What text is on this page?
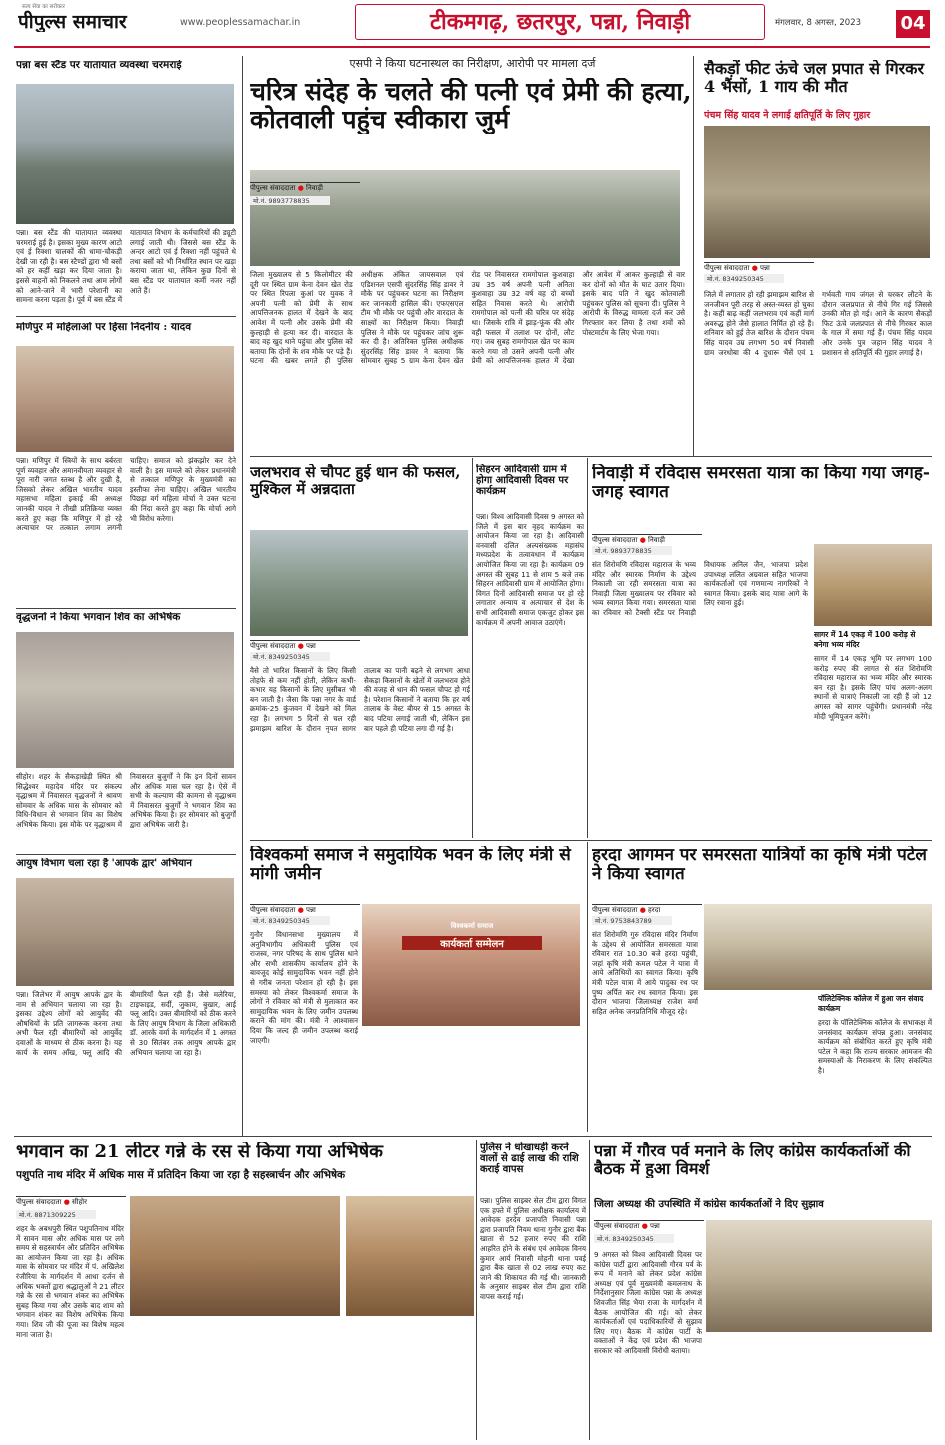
सत्य सेवा का सरोकार
पीपुल्स समाचार	www.peoplessamachar.in	टीकमगढ़, छतरपुर, पन्ना, निवाड़ी	मंगलवार, 8 अगस्त, 2023	04
पन्ना बस स्टैंड पर यातायात व्यवस्था चरमराई
पन्ना। बस स्टैंड की यातायात व्यवस्था चरमराई हुई है। इसका मुख्य कारण आटो एवं ई रिक्शा चालकों की धामा-चौकड़ी देखी जा रही है। बस स्टैण्डों द्वारा भी बसों को हर कहीं खड़ा कर दिया जाता है। इससे वाहनों को निकलने तथा आम लोगों को आने-जाने में भारी परेशानी का सामना करना पड़ता है। पूर्व में बस स्टैंड में यातायात विभाग के कर्मचारियों की ड्यूटी लगाई जाती थी। जिससे बस स्टैंड के अन्दर आटो एवं ई रिक्शा नहीं पहुंचते थे तथा बसों को भी निर्धारित स्थान पर खड़ा कराया जाता था, लेकिन कुछ दिनों से बस स्टैंड पर यातायात कर्मी नजर नहीं आते हैं।
मणिपुर में महिलाओं पर हिंसा निंदनीय : यादव
पन्ना। मणिपुर में स्त्रियों के साथ बर्बरता पूर्ण व्यवहार और अमानवीयता व्यवहार से पूरा नारी जगत स्तब्ध है और दुखी है, जिसको लेकर अखिल भारतीय यादव महासभा महिला इकाई की अध्यक्ष जानकी यादव ने तीखी प्रतिक्रिया व्यक्त करते हुए कहा कि मणिपुर में हो रहे अत्याचार पर तत्काल लगाम लगनी चाहिए। समाज को झंकझोर कर देने वाली है। इस मामले को लेकर प्रधानमंत्री से तत्काल मणिपुर के मुख्यमंत्री का इस्तीफा लेना चाहिए। अखिल भारतीय पिछड़ा वर्ग महिला मोर्चा ने उक्त घटना की निंदा करते हुए कहा कि मोर्चा आगे भी विरोध करेगा।
वृद्धजनों ने किया भगवान शिव का अभिषेक
सीहोर। शहर के सैकड़ाखेड़ी स्थित श्री सिद्धेश्वर महादेव मंदिर पर संकल्प वृद्धाश्रम में निवासरत वृद्धजनों ने श्रावण सोमवार के अधिक मास के सोमवार को विधि-विधान से भगवान शिव का विशेष अभिषेक किया। इस मौके पर वृद्धाश्रम में निवासरत बुजुर्गों ने कि इन दिनों सावन और अधिक मास चल रहा है। ऐसे में सभी के कल्याण की कामना से वृद्धाश्रम में निवासरत बुजुर्गों ने भगवान शिव का अभिषेक किया है। हर सोमवार को बुजुर्गों द्वारा अभिषेक जारी है।
आयुष विभाग चला रहा है 'आपके द्वार' अभियान
पन्ना। जिलेभर में आयुष आपके द्वार के नाम से अभियान चलाया जा रहा है। इसका उद्देश्य लोगों को आयुर्वेद की औषधियों के प्रति जागरूक करना तथा अभी फैल रही बीमारियों को आयुर्वेद दवाओं के माध्यम से ठीक करना है। यह कार्य के समय आँख, फ्लू आदि की बीमारियाँ फैल रही हैं। जैसे मलेरिया, टाइफाइड, सर्दी, जुकाम, बुखार, आई फ्लू आदि। उक्त बीमारियों को ठीक करने के लिए आयुष विभाग के जिला अधिकारी डॉ. आरके वर्मा के मार्गदर्शन में 1 अगस्त से 30 सितंबर तक आयुष आपके द्वार अभियान चलाया जा रहा है।
एसपी ने किया घटनास्थल का निरीक्षण, आरोपी पर मामला दर्ज
चरित्र संदेह के चलते की पत्नी एवं प्रेमी की हत्या, कोतवाली पहुंच स्वीकारा जुर्म
पीपुल्स संवाददाता ● निवाड़ी
मो.नं. 9893778835
जिला मुख्यालय से 5 किलोमीटर की दूरी पर स्थित ग्राम केना देवन खेत रोड पर स्थित रिपला कुआं पर युवक ने अपनी पत्नी को प्रेमी के साथ आपत्तिजनक हालत में देखने के बाद आवेश में पत्नी और उसके प्रेमी की कुल्हाड़ी से हत्या कर दी। वारदात के बाद वह खुद थाने पहुंचा और पुलिस को बताया कि दोनों के शव मौके पर पड़े हैं। घटना की खबर लगते ही पुलिस अधीक्षक अंकित जायसवाल एवं एडिशनल एसपी सुंदरसिंह सिंह डावर ने मौके पर पहुंचकर घटना का निरीक्षण कर जानकारी हासिल की। एफएसएल टीम भी मौके पर पहुंची और वारदात के साक्ष्यों का निरीक्षण किया। निवाड़ी पुलिस ने मौके पर पहुंचकर जांच शुरू कर दी है। अतिरिक्त पुलिस अधीक्षक सुंदरसिंह सिंह डावर ने बताया कि सोमवार सुबह 5 ग्राम केना देवन खेत रोड पर निवासरत रामगोपाल कुशवाहा उम्र 35 वर्ष अपनी पत्नी अनिता कुशवाहा उम्र 32 वर्ष वह दो बच्चों सहित निवास करते थे। आरोपी रामगोपाल को पत्नी की चरित्र पर संदेह था। जिसके रात्रि में झाड़-फूंक की और वही फसल में तलाश पर दोनों, लौट गए। जब सुबह रामगोपाल खेत पर काम करने गया तो उसने अपनी पत्नी और प्रेमी को आपत्तिजनक हालत में देखा और आवेश में आकर कुल्हाड़ी से वार कर दोनों को मौत के घाट उतार दिया। इसके बाद पति ने खुद कोतवाली पहुंचकर पुलिस को सूचना दी। पुलिस ने आरोपी के विरुद्ध मामला दर्ज कर उसे गिरफ्तार कर लिया है तथा शवों को पोस्टमार्टम के लिए भेजा गया।
सैकड़ों फीट ऊंचे जल प्रपात से गिरकर 4 भैंसों, 1 गाय की मौत
पंचम सिंह यादव ने लगाई क्षतिपूर्ति के लिए गुहार
पीपुल्स संवाददाता ● पन्ना
मो.नं. 8349250345
जिले में लगातार हो रही झमाझम बारिश से जनजीवन पूरी तरह से अस्त-व्यस्त हो चुका है। कहीं बाढ़ कहीं जलभराव एवं कहीं मार्ग अवरुद्ध होने जैसे हालात निर्मित हो रहे हैं। शनिवार को हुई तेज बारिश के दौरान पंचम सिंह यादव उम्र लगभग 50 वर्ष निवासी ग्राम जरधोबा की 4 दुधारू भैंसें एवं 1 गर्भवती गाय जंगल से चरकर लौटने के दौरान जलप्रपात से नीचे गिर गई जिससे उनकी मौत हो गई। आने के कारण सैकड़ों फिट ऊंचे जलप्रपात से नीचे गिरकर काल के गाल में समा गई हैं। पंचम सिंह यादव और उनके पुत्र जहान सिंह यादव ने प्रशासन से क्षतिपूर्ति की गुहार लगाई है।
जलभराव से चौपट हुई धान की फसल, मुश्किल में अन्नदाता
पीपुल्स संवाददाता ● पन्ना
मो.नं. 8349250345
वैसे तो भारिश किसानों के लिए किसी तोहफे से कम नहीं होती, लेकिन कभी-कभार यह किसानों के लिए मुसीबत भी बन जाती है। जैसा कि पन्ना नगर के वार्ड क्रमांक-25 कुंजवन में देखने को मिल रहा है। लगभग 5 दिनों से चल रही झमाझम बारिश के दौरान नृपत सागर तालाब का पानी बढ़ने से लगभग आधा सैकड़ा किसानों के खेतों में जलभराव होने की वजह से धान की फसल चौपट हो गई है। परेशान किसानों ने बताया कि हर वर्ष तालाब के वेस्ट बीयर से 15 अगस्त के बाद पटिया लगाई जाती थी, लेकिन इस बार पहले ही पटिया लगा दी गई है।
सिहरन आदिवासी ग्राम में होगा आदिवासी दिवस पर कार्यक्रम
पन्ना। विश्व आदिवासी दिवस 9 अगस्त को जिले में इस बार वृहद कार्यक्रम का आयोजन किया जा रहा है। आदिवासी वनवासी दलित अल्पसंख्यक महासंघ मध्यप्रदेश के तत्वावधान में कार्यक्रम आयोजित किया जा रहा है। कार्यक्रम 09 अगस्त की सुबह 11 से शाम 5 बजे तक सिहरन आदिवासी ग्राम में आयोजित होगा। विगत दिनों आदिवासी समाज पर हो रहे लगातार अन्याय व अत्याचार से देश के सभी आदिवासी समाज एकजुट होकर इस कार्यक्रम में अपनी आवाज उठाएंगे।
निवाड़ी में रविदास समरसता यात्रा का किया गया जगह-जगह स्वागत
पीपुल्स संवाददाता ● निवाड़ी
मो.नं. 9893778835
संत शिरोमणि रविदास महाराज के भव्य मंदिर और स्मारक निर्माण के उद्देश्य निकाली जा रही समरसता यात्रा का निवाड़ी जिला मुख्यालय पर रविवार को भव्य स्वागत किया गया। समरसता यात्रा का रविवार को टैक्सी स्टैंड पर निवाड़ी विधायक अनिल जैन, भाजपा प्रदेश उपाध्यक्ष ललित अग्रवाल सहित भाजपा कार्यकर्ताओं एवं गणमान्य नागरिकों ने स्वागत किया। इसके बाद यात्रा आगे के लिए रवाना हुई।
सागर में 14 एकड़ में 100 करोड़ से बनेगा भव्य मंदिर
सागर में 14 एकड़ भूमि पर लगभग 100 करोड़ रुपए की लागत से संत शिरोमणि रविदास महाराज का भव्य मंदिर और स्मारक बन रहा है। इसके लिए पांच अलग-अलग स्थानों से यात्राएं निकाली जा रही हैं जो 12 अगस्त को सागर पहुंचेंगी। प्रधानमंत्री नरेंद्र मोदी भूमिपूजन करेंगे।
विश्वकर्मा समाज ने समुदायिक भवन के लिए मंत्री से मांगी जमीन
पीपुल्स संवाददाता ● पन्ना
मो.नं. 8349250345
विश्वकर्मा समाज
कार्यकर्ता सम्मेलन
गुनौर विधानसभा मुख्यालय में अनुविभागीय अधिकारी पुलिस एवं राजस्व, नगर परिषद के साथ पुलिस थाने और सभी शासकीय कार्यालय होने के बावजूद कोई सामुदायिक भवन नहीं होने से गरीब जनता परेशान हो रही है। इस समस्या को लेकर विश्वकर्मा समाज के लोगों ने रविवार को मंत्री से मुलाकात कर सामुदायिक भवन के लिए जमीन उपलब्ध कराने की मांग की। मंत्री ने आश्वासन दिया कि जल्द ही जमीन उपलब्ध कराई जाएगी।
हरदा आगमन पर समरसता यात्रियों का कृषि मंत्री पटेल ने किया स्वागत
पीपुल्स संवाददाता ● हरदा
मो.नं. 9753843789
संत शिरोमणि गुरु रविदास मंदिर निर्माण के उद्देश्य से आयोजित समरसता यात्रा रविवार रात 10.30 बजे हरदा पहुंची, जहां कृषि मंत्री कमल पटेल ने यात्रा में आये अतिथियों का स्वागत किया। कृषि मंत्री पटेल यात्रा में आये पादुका रथ पर पुष्प अर्पित कर रथ स्वागत किया। इस दौरान भाजपा जिलाध्यक्ष राजेश वर्मा सहित अनेक जनप्रतिनिधि मौजूद रहे।
पॉलिटेक्निक कॉलेज में हुआ जन संवाद कार्यक्रम
हरदा के पॉलिटेक्निक कॉलेज के सभाकक्ष में जनसंवाद कार्यक्रम संपन्न हुआ। जनसंवाद कार्यक्रम को संबोधित करते हुए कृषि मंत्री पटेल ने कहा कि राज्य सरकार आमजन की समस्याओं के निराकरण के लिए संकल्पित है।
भगवान का 21 लीटर गन्ने के रस से किया गया अभिषेक
पशुपति नाथ मंदिर में अधिक मास में प्रतिदिन किया जा रहा है सहस्त्रार्चन और अभिषेक
पीपुल्स संवाददाता ● सीहोर
मो.नं. 8871309225
शहर के अबधपुरी स्थित पशुपतिनाथ मंदिर में सावन मास और अधिक मास पर लगे समय से सहस्त्रार्चन और प्रतिदिन अभिषेक का आयोजन किया जा रहा है। अधिक मास के सोमवार पर मंदिर में पं. अखिलेश रंजीरिया के मार्गदर्शन में आधा दर्जन से अधिक भक्तों द्वारा श्रद्धालुओं ने 21 लीटर गन्ने के रस से भगवान शंकर का अभिषेक सुबह किया गया और उसके बाद शाम को भगवान शंकर का विशेष अभिषेक किया गया। शिव जी की पूजा का विशेष महत्व माना जाता है।
पुलिस ने धोखाधड़ी करने वालों से ढाई लाख की राशि कराई वापस
पन्ना। पुलिस साइबर सेल टीम द्वारा विगत एक हफ्ते में पुलिस अधीक्षक कार्यालय में आवेदक हरदेव प्रजापति निवासी पन्ना द्वारा प्रजापति नियम थाना गुनौर द्वारा बैंक खाता से 52 हजार रुपए की राशि आहरित होने के संबंध एवं आवेदक विनय कुमार आर्य निवासी मोहनी थाना पवई द्वारा बैंक खाता से 02 लाख रुपए कट जाने की शिकायत की गई थी। जानकारी के अनुसार साइबर सेल टीम द्वारा राशि वापस कराई गई।
पन्ना में गौरव पर्व मनाने के लिए कांग्रेस कार्यकर्ताओं की बैठक में हुआ विमर्श
जिला अध्यक्ष की उपस्थिति में कांग्रेस कार्यकर्ताओं ने दिए सुझाव
पीपुल्स संवाददाता ● पन्ना
मो.नं. 8349250345
9 अगस्त को विश्व आदिवासी दिवस पर कांग्रेस पार्टी द्वारा आदिवासी गौरव पर्व के रूप में मनाने को लेकर प्रदेश कांग्रेस अध्यक्ष एवं पूर्व मुख्यमंत्री कमलनाथ के निर्देशानुसार जिला कांग्रेस पन्ना के अध्यक्ष शिवजीत सिंह भैया राजा के मार्गदर्शन में बैठक आयोजित की गई। को लेकर कार्यकर्ताओं एवं पदाधिकारियों से सुझाव लिए गए। बैठक में कांग्रेस पार्टी के वक्ताओं ने केंद्र एवं प्रदेश की भाजपा सरकार को आदिवासी विरोधी बताया।
